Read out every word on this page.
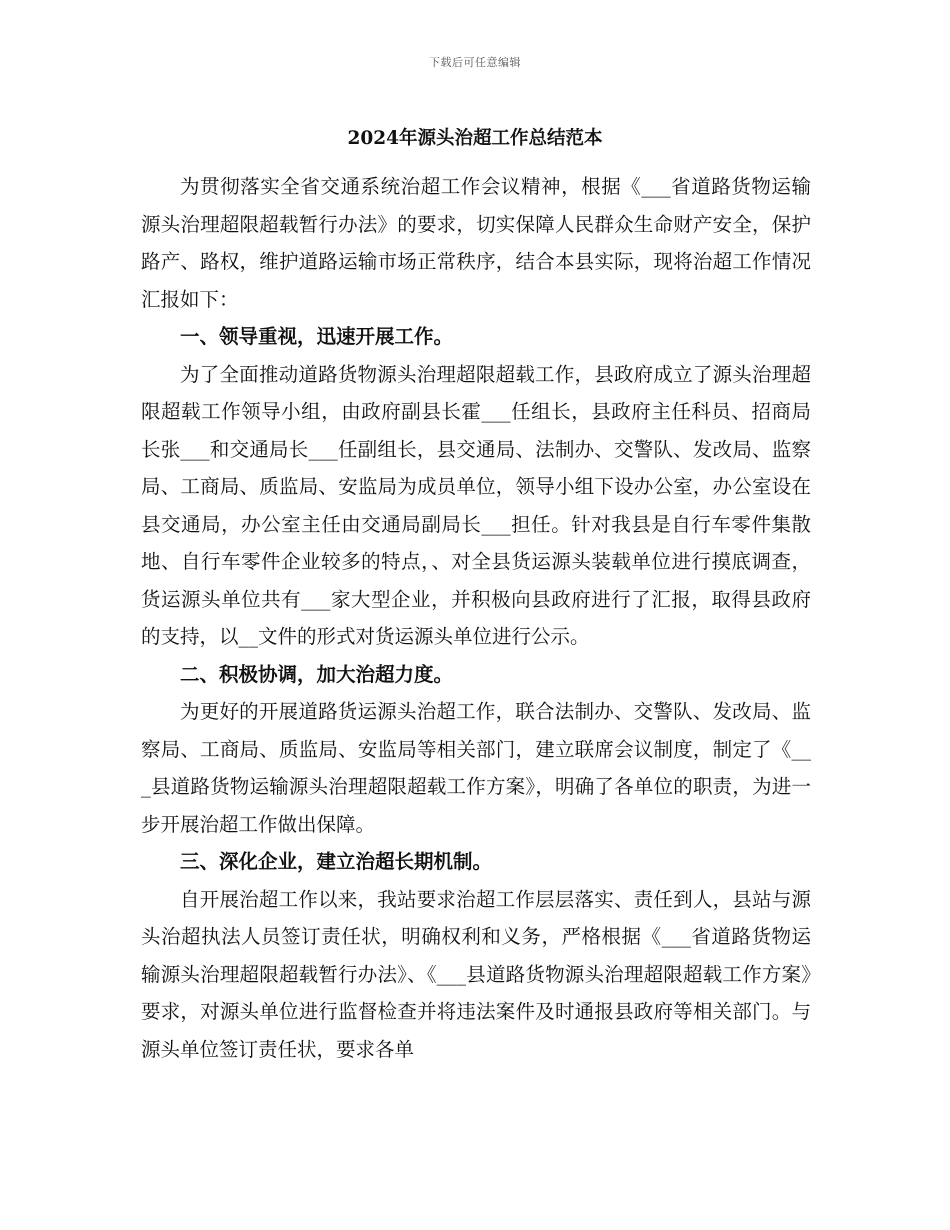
下载后可任意编辑
2024年源头治超工作总结范本

为贯彻落实全省交通系统治超工作会议精神，根据《___省道路货物运输源头治理超限超载暂行办法》的要求，切实保障人民群众生命财产安全，保护路产、路权，维护道路运输市场正常秩序，结合本县实际，现将治超工作情况汇报如下：

一、领导重视，迅速开展工作。

为了全面推动道路货物源头治理超限超载工作，县政府成立了源头治理超限超载工作领导小组，由政府副县长霍___任组长，县政府主任科员、招商局长张___和交通局长___任副组长，县交通局、法制办、交警队、发改局、监察局、工商局、质监局、安监局为成员单位，领导小组下设办公室，办公室设在县交通局，办公室主任由交通局副局长___担任。针对我县是自行车零件集散地、自行车零件企业较多的特点，、对全县货运源头装载单位进行摸底调查，货运源头单位共有___家大型企业，并积极向县政府进行了汇报，取得县政府的支持，以__文件的形式对货运源头单位进行公示。

二、积极协调，加大治超力度。

为更好的开展道路货运源头治超工作，联合法制办、交警队、发改局、监察局、工商局、质监局、安监局等相关部门，建立联席会议制度，制定了《___县道路货物运输源头治理超限超载工作方案》，明确了各单位的职责，为进一步开展治超工作做出保障。

三、深化企业，建立治超长期机制。

自开展治超工作以来，我站要求治超工作层层落实、责任到人，县站与源头治超执法人员签订责任状，明确权利和义务，严格根据《___省道路货物运输源头治理超限超载暂行办法》、《___县道路货物源头治理超限超载工作方案》要求，对源头单位进行监督检查并将违法案件及时通报县政府等相关部门。与源头单位签订责任状，要求各单
